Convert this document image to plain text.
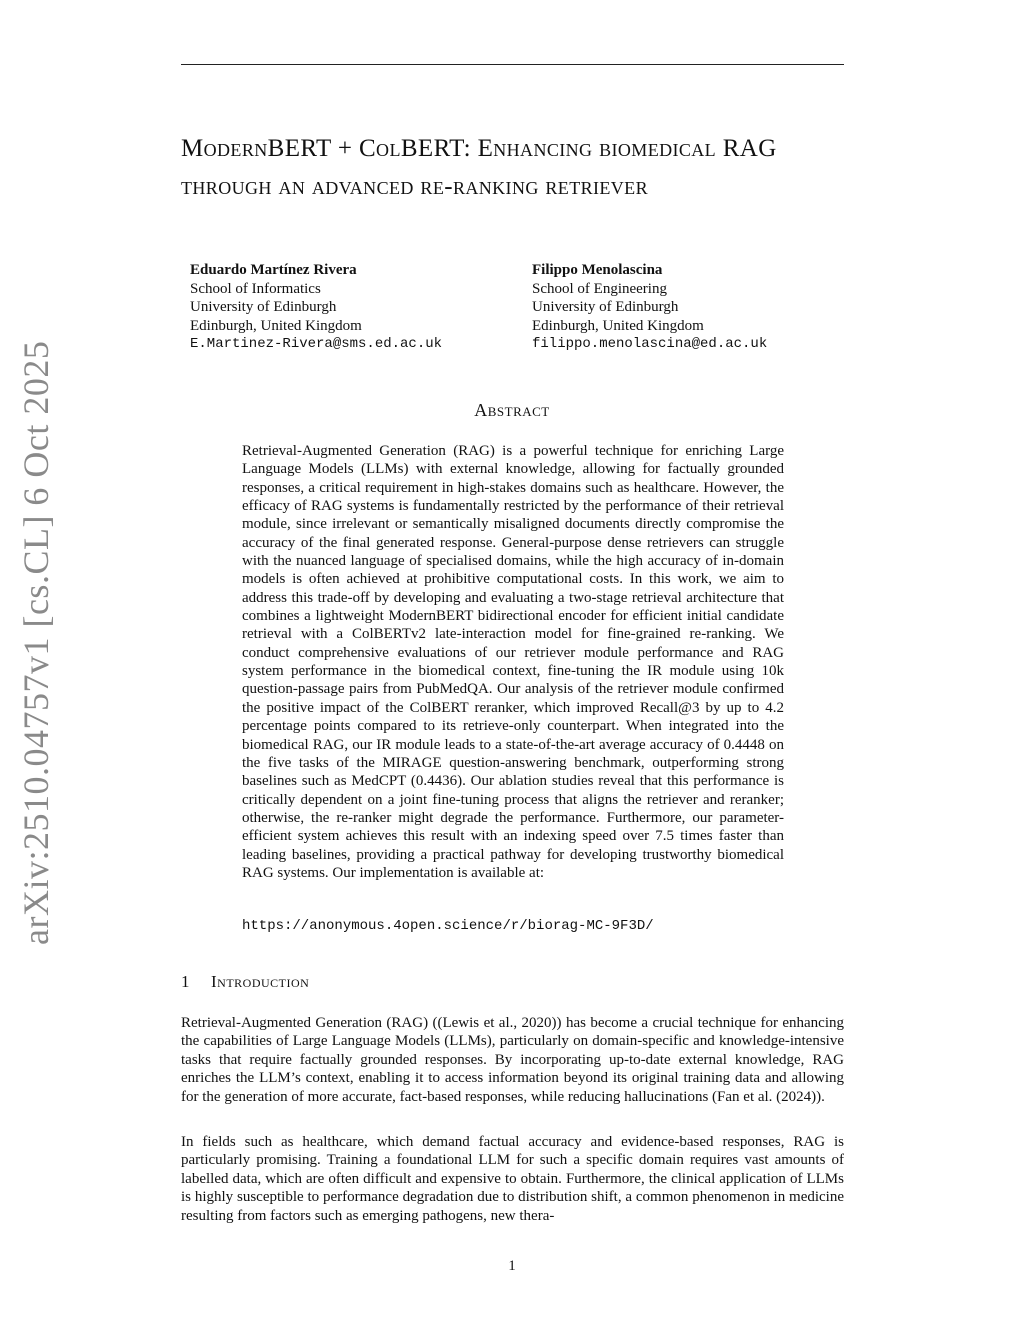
ModernBERT + ColBERT: Enhancing biomedical RAG through an advanced re-ranking retriever
Eduardo Martínez Rivera
School of Informatics
University of Edinburgh
Edinburgh, United Kingdom
E.Martinez-Rivera@sms.ed.ac.uk
Filippo Menolascina
School of Engineering
University of Edinburgh
Edinburgh, United Kingdom
filippo.menolascina@ed.ac.uk
arXiv:2510.04757v1 [cs.CL] 6 Oct 2025	Abstract

Retrieval-Augmented Generation (RAG) is a powerful technique for enriching Large Language Models (LLMs) with external knowledge, allowing for factually grounded responses, a critical requirement in high-stakes domains such as healthcare. However, the efficacy of RAG systems is fundamentally restricted by the performance of their retrieval module, since irrelevant or semantically misaligned documents directly compromise the accuracy of the final generated response. General-purpose dense retrievers can struggle with the nuanced language of specialised domains, while the high accuracy of in-domain models is often achieved at prohibitive computational costs. In this work, we aim to address this trade-off by developing and evaluating a two-stage retrieval architecture that combines a lightweight ModernBERT bidirectional encoder for efficient initial candidate retrieval with a ColBERTv2 late-interaction model for fine-grained re-ranking. We conduct comprehensive evaluations of our retriever module performance and RAG system performance in the biomedical context, fine-tuning the IR module using 10k question-passage pairs from PubMedQA. Our analysis of the retriever module confirmed the positive impact of the ColBERT reranker, which improved Recall@3 by up to 4.2 percentage points compared to its retrieve-only counterpart. When integrated into the biomedical RAG, our IR module leads to a state-of-the-art average accuracy of 0.4448 on the five tasks of the MIRAGE question-answering benchmark, outperforming strong baselines such as MedCPT (0.4436). Our ablation studies reveal that this performance is critically dependent on a joint fine-tuning process that aligns the retriever and reranker; otherwise, the re-ranker might degrade the performance. Furthermore, our parameter-efficient system achieves this result with an indexing speed over 7.5 times faster than leading baselines, providing a practical pathway for developing trustworthy biomedical RAG systems. Our implementation is available at:

https://anonymous.4open.science/r/biorag-MC-9F3D/
1 Introduction

Retrieval-Augmented Generation (RAG) ((Lewis et al., 2020)) has become a crucial technique for enhancing the capabilities of Large Language Models (LLMs), particularly on domain-specific and knowledge-intensive tasks that require factually grounded responses. By incorporating up-to-date external knowledge, RAG enriches the LLM’s context, enabling it to access information beyond its original training data and allowing for the generation of more accurate, fact-based responses, while reducing hallucinations (Fan et al. (2024)).

In fields such as healthcare, which demand factual accuracy and evidence-based responses, RAG is particularly promising. Training a foundational LLM for such a specific domain requires vast amounts of labelled data, which are often difficult and expensive to obtain. Furthermore, the clinical application of LLMs is highly susceptible to performance degradation due to distribution shift, a common phenomenon in medicine resulting from factors such as emerging pathogens, new thera-

1
